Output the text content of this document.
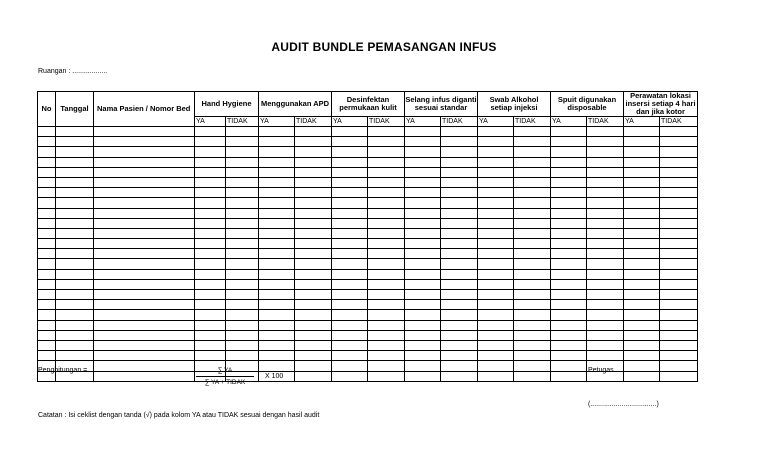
AUDIT BUNDLE PEMASANGAN INFUS
Ruangan : ..................
No	Tanggal	Nama Pasien / Nomor Bed	Hand Hygiene		Menggunakan APD		Desinfektan permukaan kulit		Selang infus diganti sesuai standar		Swab Alkohol setiap injeksi		Spuit digunakan disposable		Perawatan lokasi insersi setiap 4 hari dan jika kotor	
			YA	TIDAK	YA	TIDAK	YA	TIDAK	YA	TIDAK	YA	TIDAK	YA	TIDAK	YA	TIDAK

Penghitungan =	∑ YA
∑ YA + TIDAK
X 100
Petugas
(..................................)
Catatan : Isi ceklist dengan tanda (√) pada kolom YA atau TIDAK sesuai dengan hasil audit
